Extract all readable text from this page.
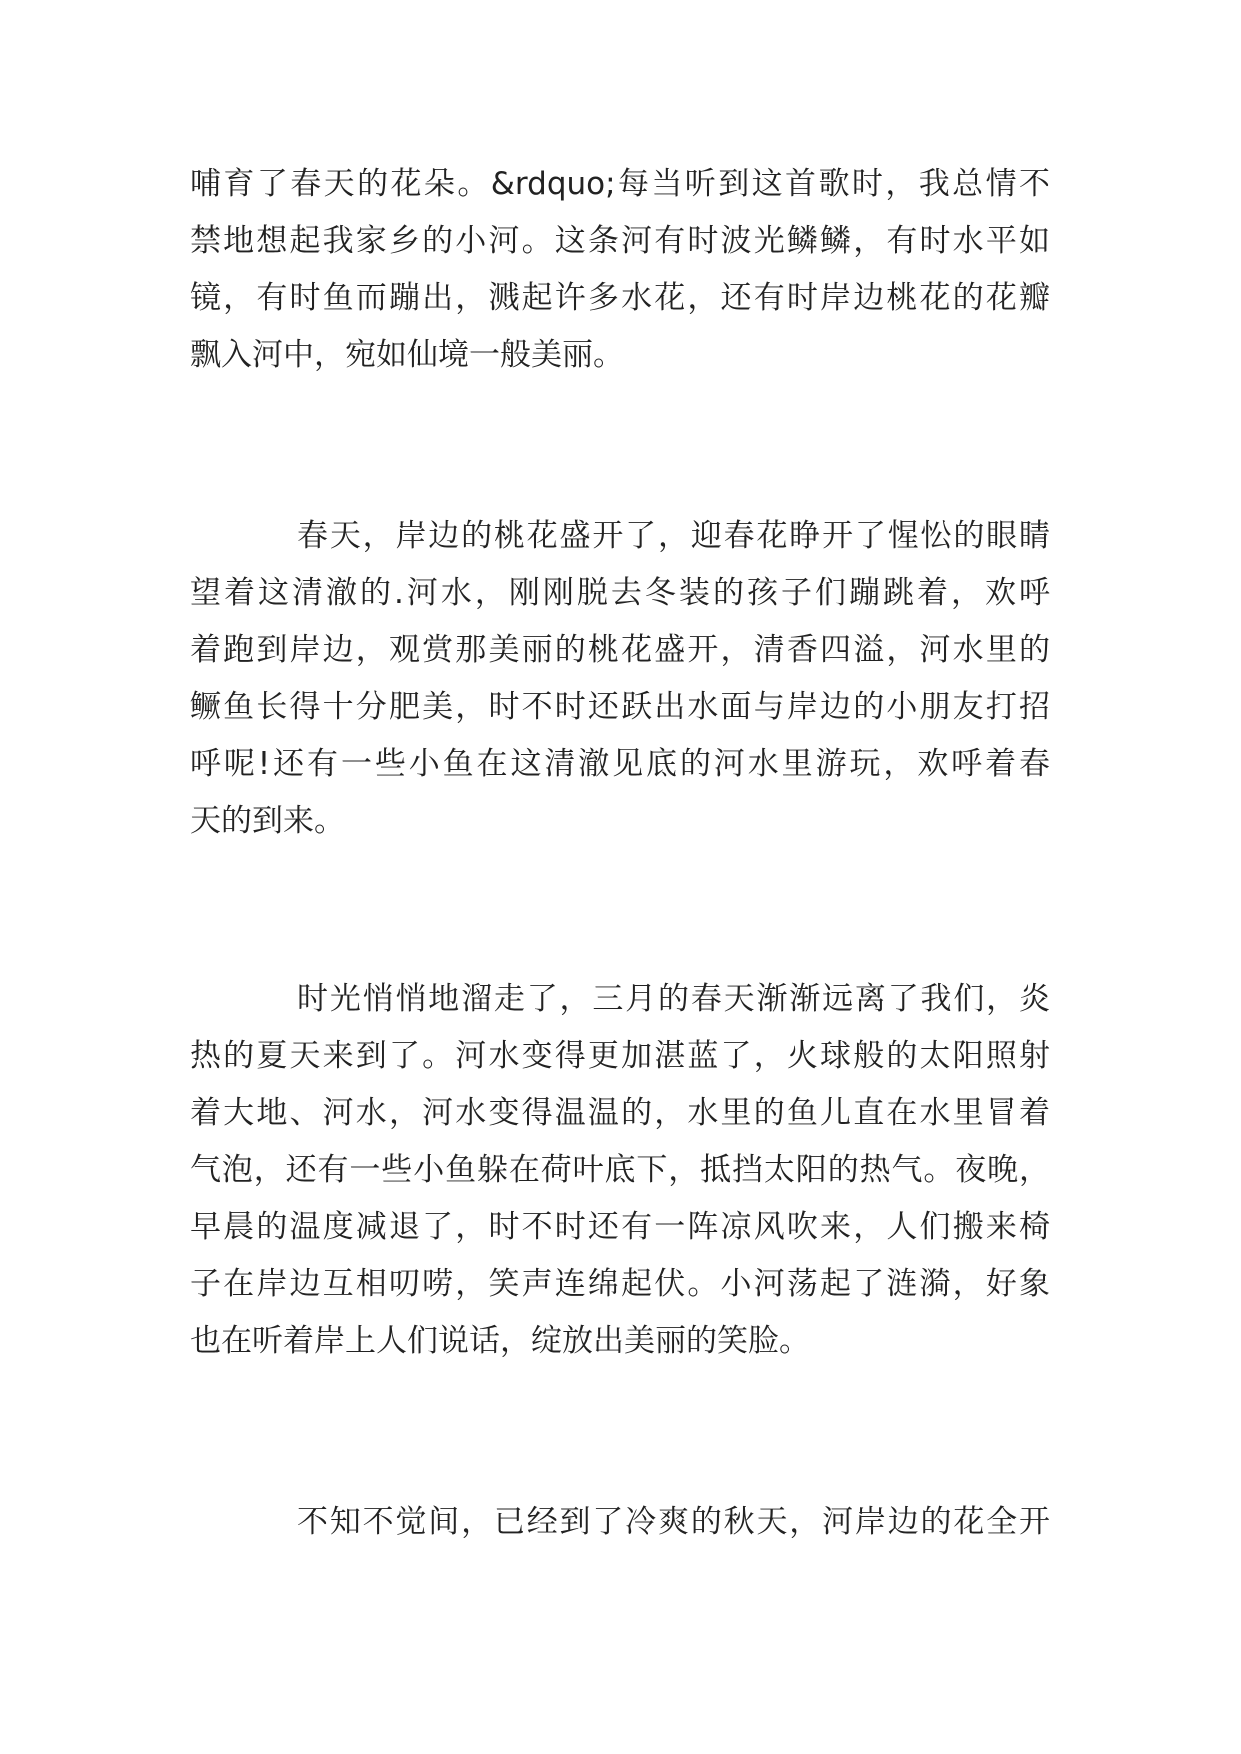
哺育了春天的花朵。&rdquo;每当听到这首歌时，我总情不
禁地想起我家乡的小河。这条河有时波光鳞鳞，有时水平如
镜，有时鱼而蹦出，溅起许多水花，还有时岸边桃花的花瓣
飘入河中，宛如仙境一般美丽。
春天，岸边的桃花盛开了，迎春花睁开了惺忪的眼睛
望着这清澈的.河水，刚刚脱去冬装的孩子们蹦跳着，欢呼
着跑到岸边，观赏那美丽的桃花盛开，清香四溢，河水里的
鳜鱼长得十分肥美，时不时还跃出水面与岸边的小朋友打招
呼呢!还有一些小鱼在这清澈见底的河水里游玩，欢呼着春
天的到来。
时光悄悄地溜走了，三月的春天渐渐远离了我们，炎
热的夏天来到了。河水变得更加湛蓝了，火球般的太阳照射
着大地、河水，河水变得温温的，水里的鱼儿直在水里冒着
气泡，还有一些小鱼躲在荷叶底下，抵挡太阳的热气。夜晚，
早晨的温度减退了，时不时还有一阵凉风吹来，人们搬来椅
子在岸边互相叨唠，笑声连绵起伏。小河荡起了涟漪，好象
也在听着岸上人们说话，绽放出美丽的笑脸。
不知不觉间，已经到了冷爽的秋天，河岸边的花全开
